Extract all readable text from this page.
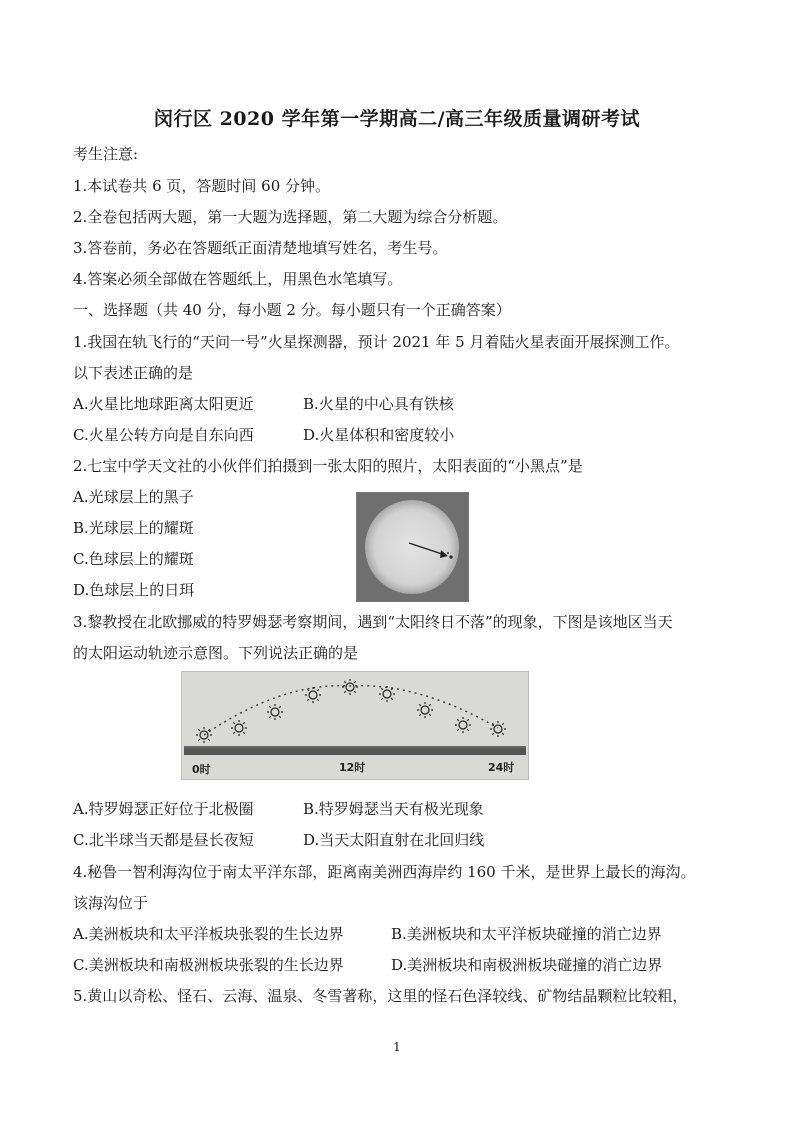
闵行区 2020 学年第一学期高二/高三年级质量调研考试
考生注意:
1.本试卷共 6 页，答题时间 60 分钟。
2.全卷包括两大题，第一大题为选择题，第二大题为综合分析题。
3.答卷前，务必在答题纸正面清楚地填写姓名，考生号。
4.答案必须全部做在答题纸上，用黑色水笔填写。
一、选择题（共 40 分，每小题 2 分。每小题只有一个正确答案）
1.我国在轨飞行的“天问一号”火星探测器，预计 2021 年 5 月着陆火星表面开展探测工作。
以下表述正确的是
A.火星比地球距离太阳更近	B.火星的中心具有铁核
C.火星公转方向是自东向西	D.火星体积和密度较小
2.七宝中学天文社的小伙伴们拍摄到一张太阳的照片，太阳表面的“小黑点”是
A.光球层上的黑子
B.光球层上的耀斑
C.色球层上的耀斑
D.色球层上的日珥
3.黎教授在北欧挪威的特罗姆瑟考察期间，遇到“太阳终日不落”的现象，下图是该地区当天
的太阳运动轨迹示意图。下列说法正确的是
0时	12时	24时
A.特罗姆瑟正好位于北极圈	B.特罗姆瑟当天有极光现象
C.北半球当天都是昼长夜短	D.当天太阳直射在北回归线
4.秘鲁一智利海沟位于南太平洋东部，距离南美洲西海岸约 160 千米，是世界上最长的海沟。
该海沟位于
A.美洲板块和太平洋板块张裂的生长边界	B.美洲板块和太平洋板块碰撞的消亡边界
C.美洲板块和南极洲板块张裂的生长边界	D.美洲板块和南极洲板块碰撞的消亡边界
5.黄山以奇松、怪石、云海、温泉、冬雪著称，这里的怪石色泽较线、矿物结晶颗粒比较粗，
1
